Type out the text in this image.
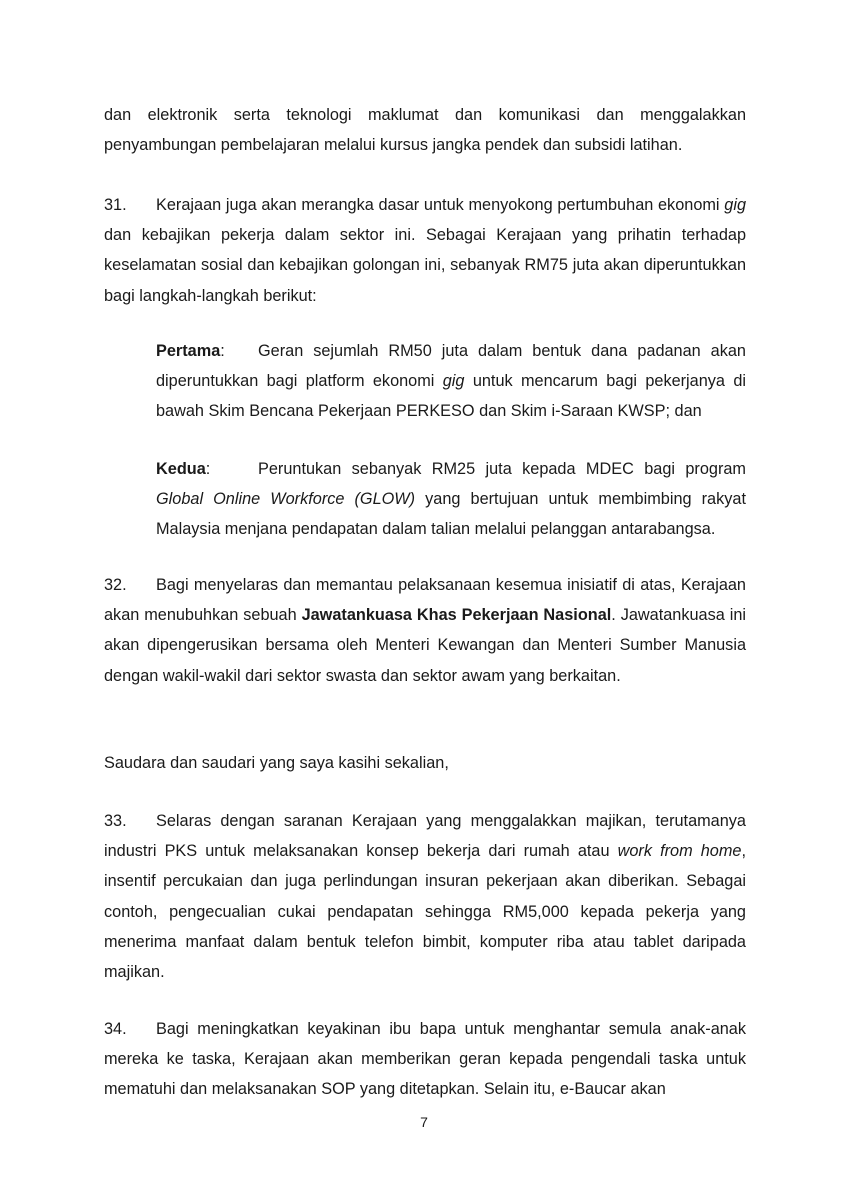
dan elektronik serta teknologi maklumat dan komunikasi dan menggalakkan penyambungan pembelajaran melalui kursus jangka pendek dan subsidi latihan.

31. Kerajaan juga akan merangka dasar untuk menyokong pertumbuhan ekonomi gig dan kebajikan pekerja dalam sektor ini. Sebagai Kerajaan yang prihatin terhadap keselamatan sosial dan kebajikan golongan ini, sebanyak RM75 juta akan diperuntukkan bagi langkah-langkah berikut:

Pertama: Geran sejumlah RM50 juta dalam bentuk dana padanan akan diperuntukkan bagi platform ekonomi gig untuk mencarum bagi pekerjanya di bawah Skim Bencana Pekerjaan PERKESO dan Skim i-Saraan KWSP; dan

Kedua:	Peruntukan sebanyak RM25 juta kepada MDEC bagi program Global Online Workforce (GLOW) yang bertujuan untuk membimbing rakyat Malaysia menjana pendapatan dalam talian melalui pelanggan antarabangsa.

32. Bagi menyelaras dan memantau pelaksanaan kesemua inisiatif di atas, Kerajaan akan menubuhkan sebuah Jawatankuasa Khas Pekerjaan Nasional. Jawatankuasa ini akan dipengerusikan bersama oleh Menteri Kewangan dan Menteri Sumber Manusia dengan wakil-wakil dari sektor swasta dan sektor awam yang berkaitan.

Saudara dan saudari yang saya kasihi sekalian,

33. Selaras dengan saranan Kerajaan yang menggalakkan majikan, terutamanya industri PKS untuk melaksanakan konsep bekerja dari rumah atau work from home, insentif percukaian dan juga perlindungan insuran pekerjaan akan diberikan. Sebagai contoh, pengecualian cukai pendapatan sehingga RM5,000 kepada pekerja yang menerima manfaat dalam bentuk telefon bimbit, komputer riba atau tablet daripada majikan.

34. Bagi meningkatkan keyakinan ibu bapa untuk menghantar semula anak-anak mereka ke taska, Kerajaan akan memberikan geran kepada pengendali taska untuk mematuhi dan melaksanakan SOP yang ditetapkan. Selain itu, e-Baucar akan

7
